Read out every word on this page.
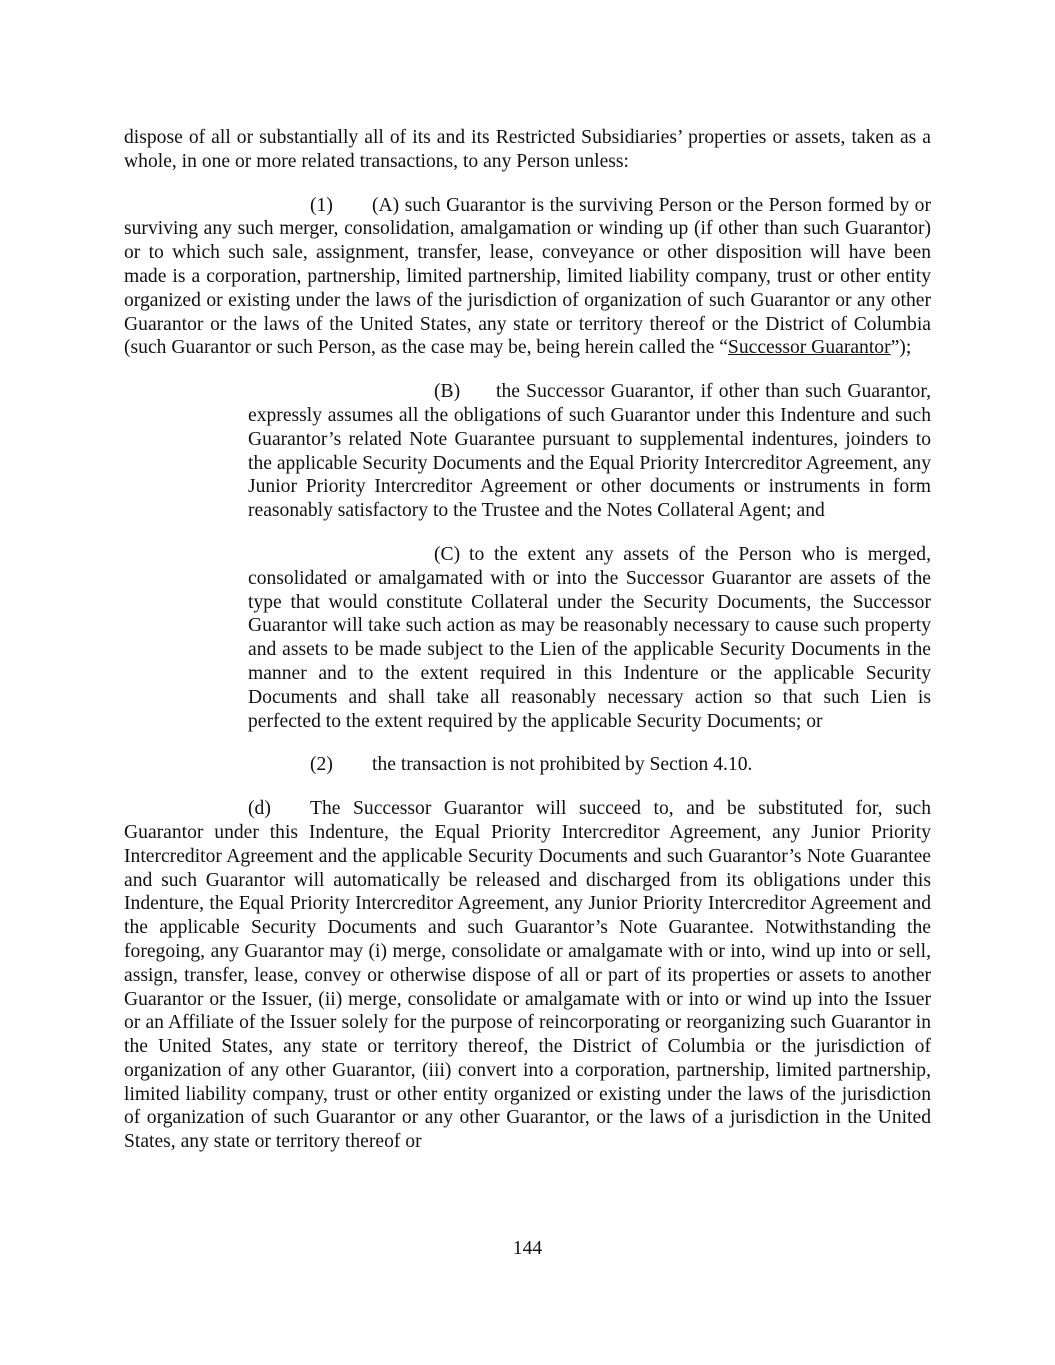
dispose of all or substantially all of its and its Restricted Subsidiaries’ properties or assets, taken as a whole, in one or more related transactions, to any Person unless:

(1) (A) such Guarantor is the surviving Person or the Person formed by or surviving any such merger, consolidation, amalgamation or winding up (if other than such Guarantor) or to which such sale, assignment, transfer, lease, conveyance or other disposition will have been made is a corporation, partnership, limited partnership, limited liability company, trust or other entity organized or existing under the laws of the jurisdiction of organization of such Guarantor or any other Guarantor or the laws of the United States, any state or territory thereof or the District of Columbia (such Guarantor or such Person, as the case may be, being herein called the “Successor Guarantor”);

(B) the Successor Guarantor, if other than such Guarantor, expressly assumes all the obligations of such Guarantor under this Indenture and such Guarantor’s related Note Guarantee pursuant to supplemental indentures, joinders to the applicable Security Documents and the Equal Priority Intercreditor Agreement, any Junior Priority Intercreditor Agreement or other documents or instruments in form reasonably satisfactory to the Trustee and the Notes Collateral Agent; and

(C) to the extent any assets of the Person who is merged, consolidated or amalgamated with or into the Successor Guarantor are assets of the type that would constitute Collateral under the Security Documents, the Successor Guarantor will take such action as may be reasonably necessary to cause such property and assets to be made subject to the Lien of the applicable Security Documents in the manner and to the extent required in this Indenture or the applicable Security Documents and shall take all reasonably necessary action so that such Lien is perfected to the extent required by the applicable Security Documents; or

(2) the transaction is not prohibited by Section 4.10.

(d) The Successor Guarantor will succeed to, and be substituted for, such Guarantor under this Indenture, the Equal Priority Intercreditor Agreement, any Junior Priority Intercreditor Agreement and the applicable Security Documents and such Guarantor’s Note Guarantee and such Guarantor will automatically be released and discharged from its obligations under this Indenture, the Equal Priority Intercreditor Agreement, any Junior Priority Intercreditor Agreement and the applicable Security Documents and such Guarantor’s Note Guarantee. Notwithstanding the foregoing, any Guarantor may (i) merge, consolidate or amalgamate with or into, wind up into or sell, assign, transfer, lease, convey or otherwise dispose of all or part of its properties or assets to another Guarantor or the Issuer, (ii) merge, consolidate or amalgamate with or into or wind up into the Issuer or an Affiliate of the Issuer solely for the purpose of reincorporating or reorganizing such Guarantor in the United States, any state or territory thereof, the District of Columbia or the jurisdiction of organization of any other Guarantor, (iii) convert into a corporation, partnership, limited partnership, limited liability company, trust or other entity organized or existing under the laws of the jurisdiction of organization of such Guarantor or any other Guarantor, or the laws of a jurisdiction in the United States, any state or territory thereof or

144
